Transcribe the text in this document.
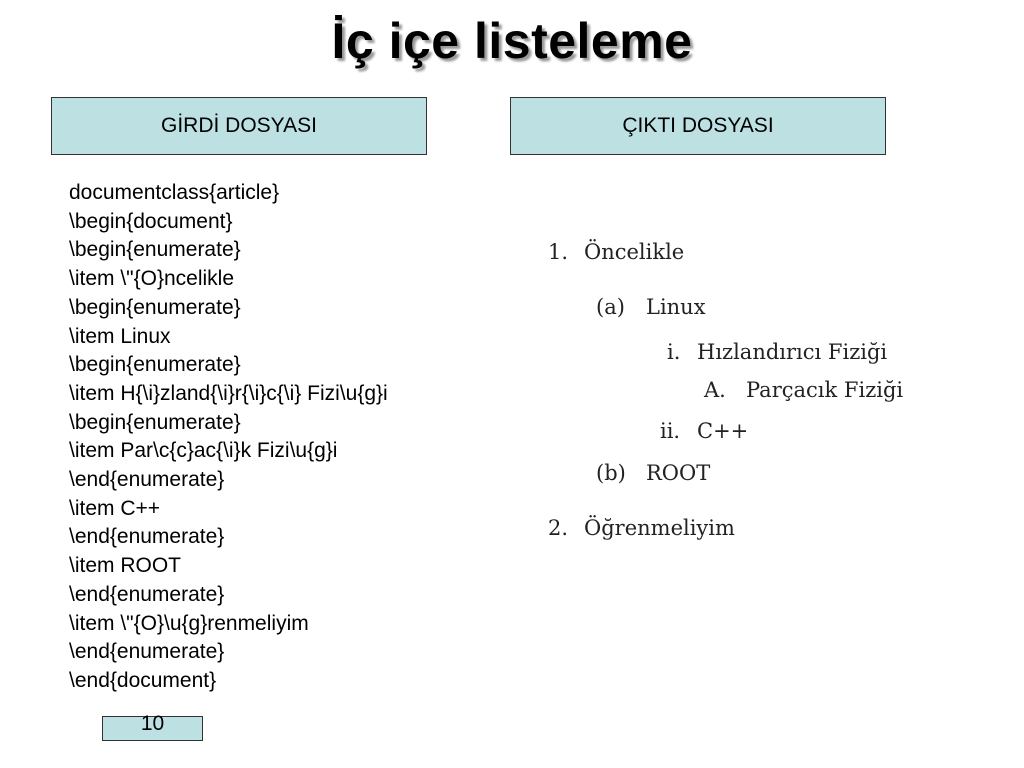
İç içe listeleme
GİRDİ DOSYASI	ÇIKTI DOSYASI
documentclass{article}
\begin{document}
\begin{enumerate}
\item \"{O}ncelikle
\begin{enumerate}
\item Linux
\begin{enumerate}
\item H{\i}zland{\i}r{\i}c{\i} Fizi\u{g}i
\begin{enumerate}
\item Par\c{c}ac{\i}k Fizi\u{g}i
\end{enumerate}
\item C++
\end{enumerate}
\item ROOT
\end{enumerate}
\item \"{O}\u{g}renmeliyim
\end{enumerate}
\end{document}
1. Öncelikle
(a) Linux
i. Hızlandırıcı Fiziği
A. Parçacık Fiziği
ii. C++
(b) ROOT
2. Öğrenmeliyim
10
